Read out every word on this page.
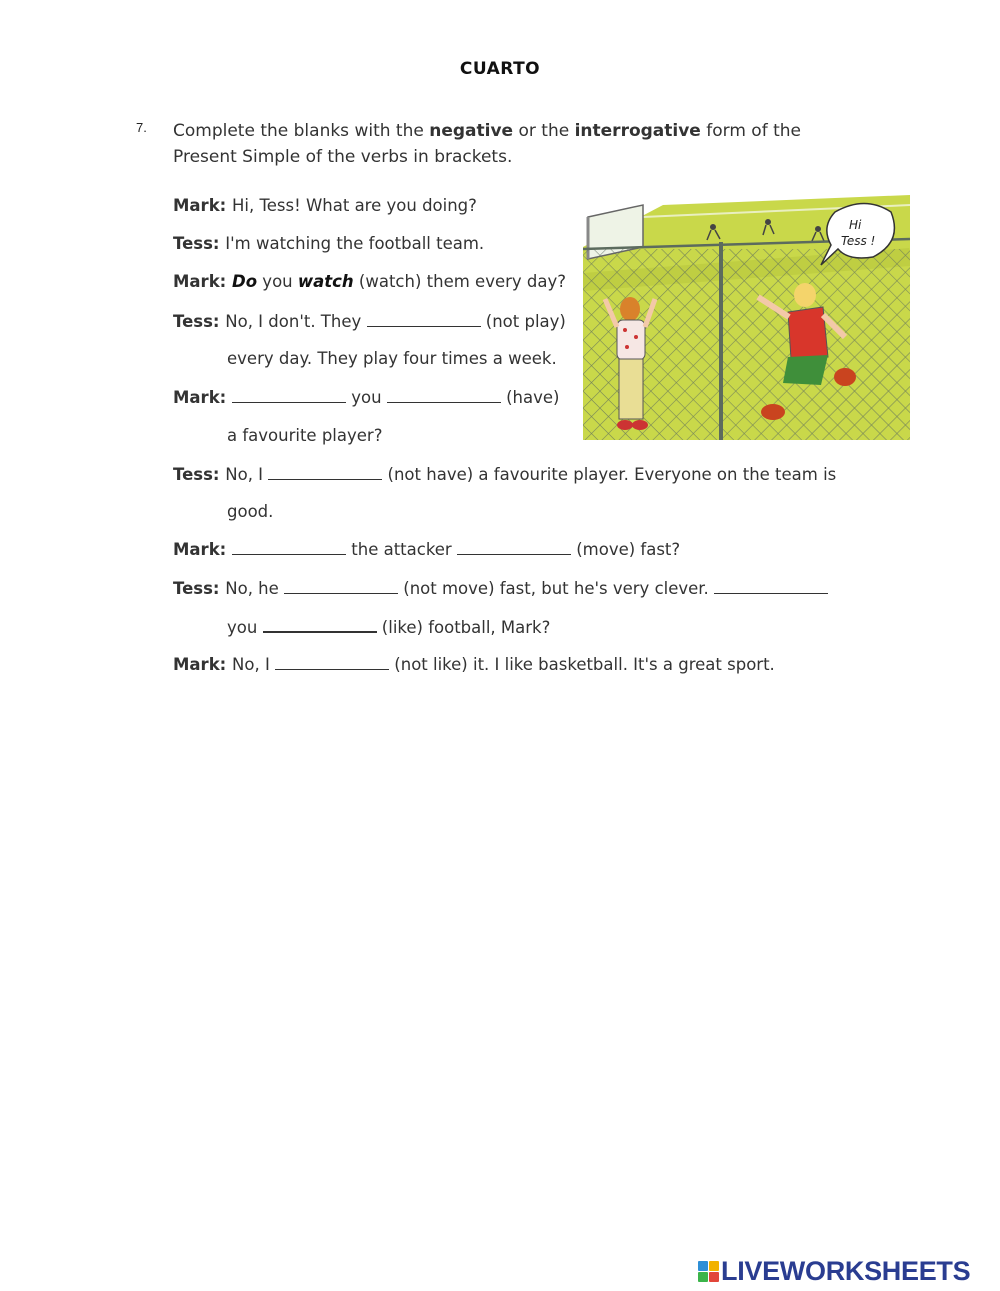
CUARTO
7. Complete the blanks with the negative or the interrogative form of the Present Simple of the verbs in brackets.
Mark: Hi, Tess! What are you doing?
Tess: I'm watching the football team.
Mark: Do you watch (watch) them every day?
Tess: No, I don't. They	(not play)
every day. They play four times a week.
Mark:	you	(have)
a favourite player?
Tess: No, I	(not have) a favourite player. Everyone on the team is
good.
Mark:	the attacker	(move) fast?
Tess: No, he	(not move) fast, but he's very clever.
you	(like) football, Mark?
Mark: No, I	(not like) it. I like basketball. It's a great sport.
Hi
Tess !
LIVEWORKSHEETS
